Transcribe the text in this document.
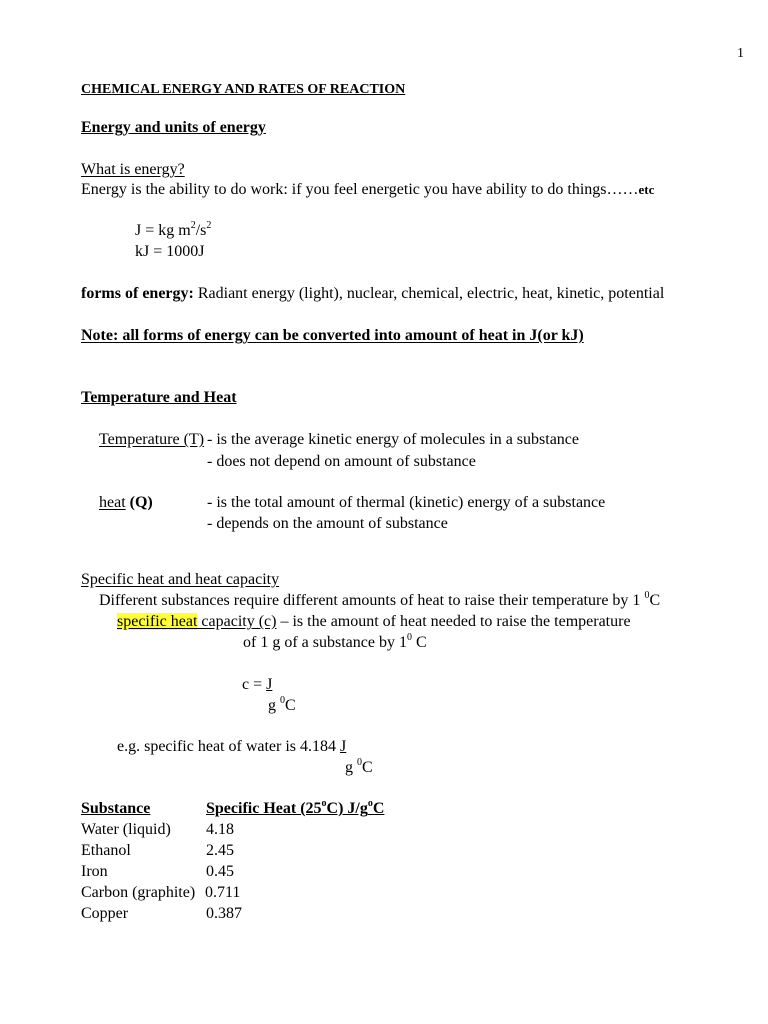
1
CHEMICAL ENERGY AND RATES OF REACTION
Energy and units of energy
What is energy?
Energy is the ability to do work: if you feel energetic you have ability to do things……etc
J = kg $m^2/s^2$
kJ = 1000J
forms of energy: Radiant energy (light), nuclear, chemical, electric, heat, kinetic, potential
Note: all forms of energy can be converted into amount of heat in J(or kJ)
Temperature and Heat
Temperature (T) - is the average kinetic energy of molecules in a substance
- does not depend on amount of substance
heat (Q)	- is the total amount of thermal (kinetic) energy of a substance
- depends on the amount of substance
Specific heat and heat capacity
Different substances require different amounts of heat to raise their temperature by 1 $^0$C
specific heat capacity (c) – is the amount of heat needed to raise the temperature
of 1 g of a substance by $1^0$ C
c = J
g $^0$C
e.g. specific heat of water is 4.184 J
g $^0$C
Substance	Specific Heat (25$^o$C) $J/g^oC$
Water (liquid)	4.18
Ethanol	2.45
Iron	0.45
Carbon (graphite)	0.711
Copper	0.387
